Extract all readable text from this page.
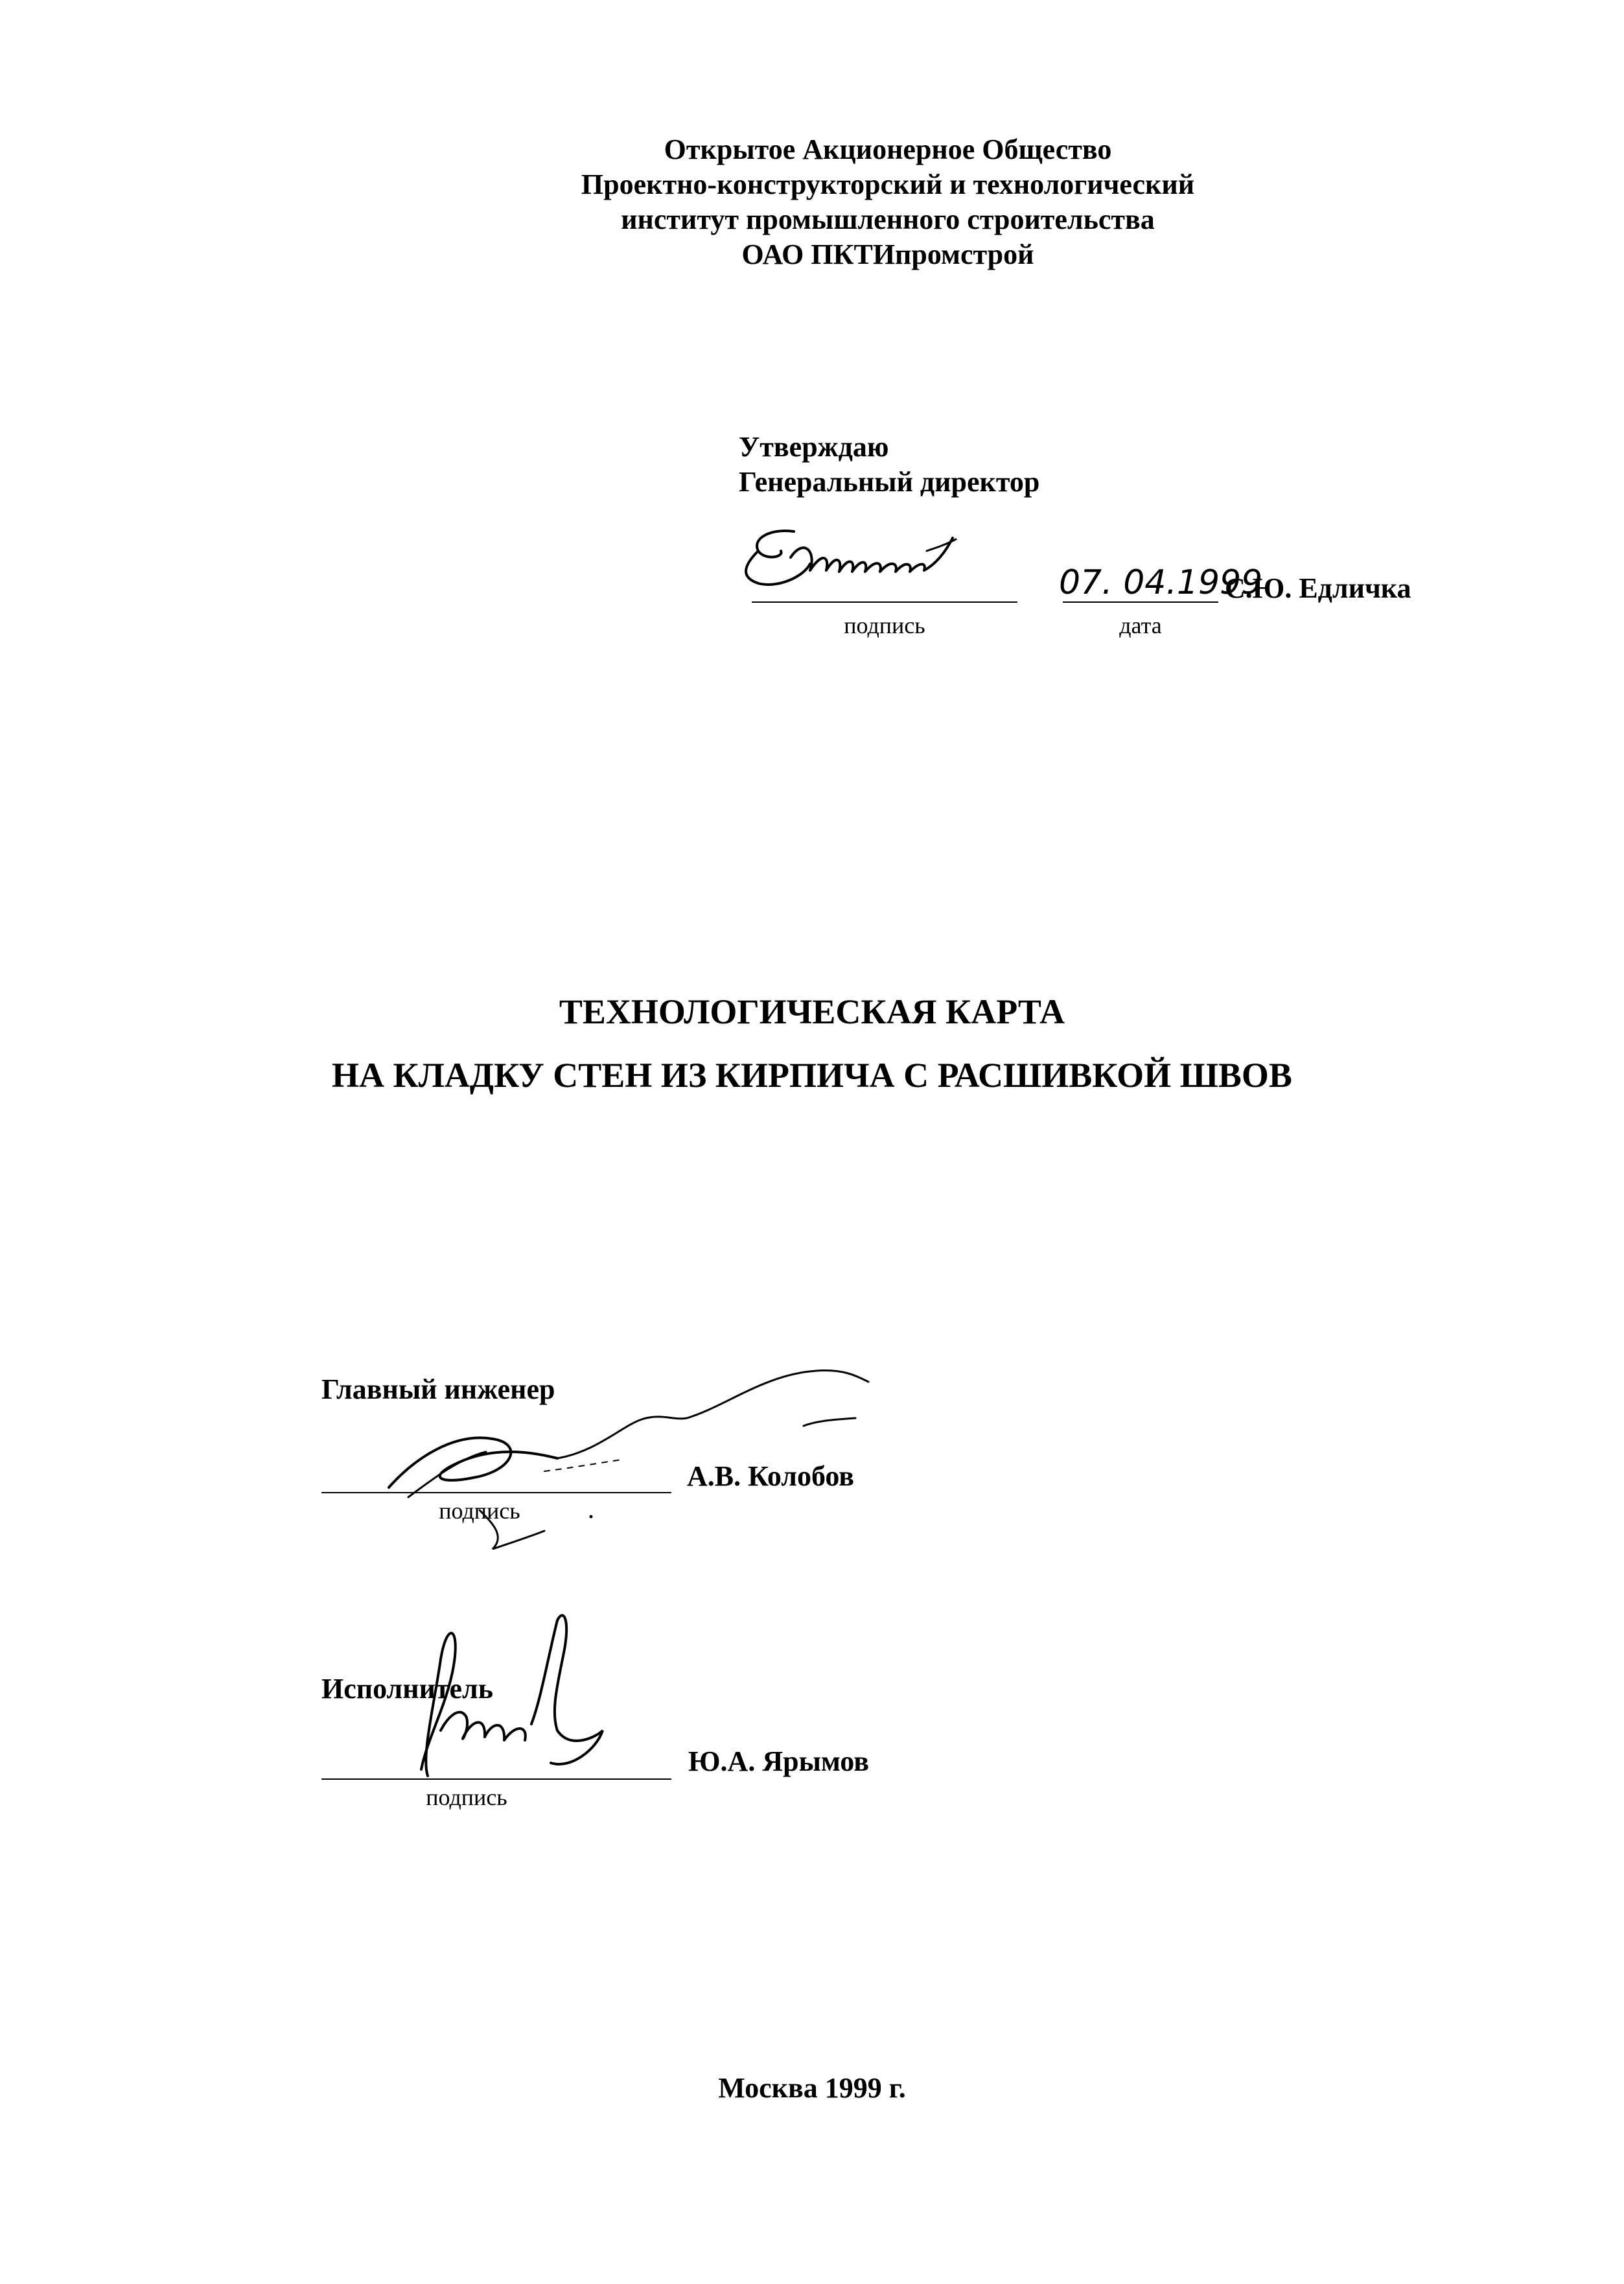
Открытое Акционерное Общество
Проектно-конструкторский и технологический
институт промышленного строительства
ОАО ПКТИпромстрой
Утверждаю
Генеральный директор
подпись
07. 04.1999
дата
С.Ю. Едличка
ТЕХНОЛОГИЧЕСКАЯ КАРТА
НА КЛАДКУ СТЕН ИЗ КИРПИЧА С РАСШИВКОЙ ШВОВ
Главный инженер
подпись
А.В. Колобов
Исполнитель
подпись
Ю.А. Ярымов
Москва 1999 г.
